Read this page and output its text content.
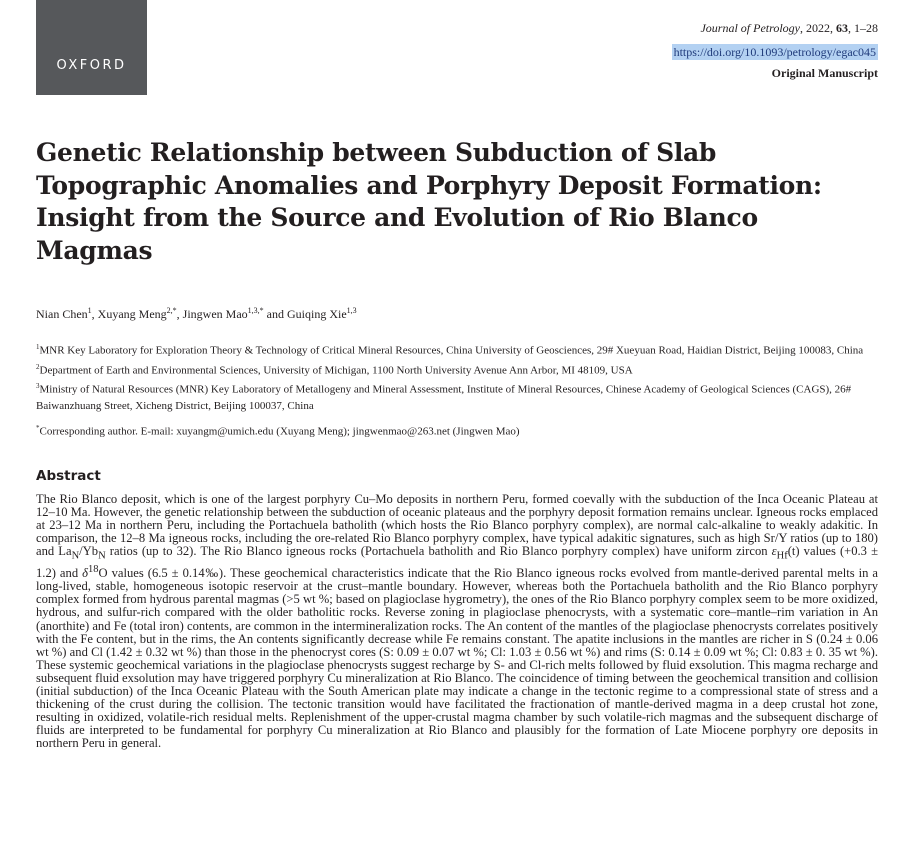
OXFORD
Journal of Petrology, 2022, 63, 1–28
https://doi.org/10.1093/petrology/egac045
Original Manuscript
Genetic Relationship between Subduction of Slab Topographic Anomalies and Porphyry Deposit Formation: Insight from the Source and Evolution of Rio Blanco Magmas
Nian Chen$^1$, Xuyang Meng$^{2,*}$, Jingwen Mao$^{1,3,*}$ and Guiqing Xie$^{1,3}$

$^1$MNR Key Laboratory for Exploration Theory & Technology of Critical Mineral Resources, China University of Geosciences, 29# Xueyuan Road, Haidian District, Beijing 100083, China

$^2$Department of Earth and Environmental Sciences, University of Michigan, 1100 North University Avenue Ann Arbor, MI 48109, USA

$^3$Ministry of Natural Resources (MNR) Key Laboratory of Metallogeny and Mineral Assessment, Institute of Mineral Resources, Chinese Academy of Geological Sciences (CAGS), 26# Baiwanzhuang Street, Xicheng District, Beijing 100037, China

*Corresponding author. E-mail: xuyangm@umich.edu (Xuyang Meng); jingwenmao@263.net (Jingwen Mao)
Abstract

The Rio Blanco deposit, which is one of the largest porphyry Cu–Mo deposits in northern Peru, formed coevally with the subduction of the Inca Oceanic Plateau at 12–10 Ma. However, the genetic relationship between the subduction of oceanic plateaus and the porphyry deposit formation remains unclear. Igneous rocks emplaced at 23–12 Ma in northern Peru, including the Portachuela batholith (which hosts the Rio Blanco porphyry complex), are normal calc-alkaline to weakly adakitic. In comparison, the 12–8 Ma igneous rocks, including the ore-related Rio Blanco porphyry complex, have typical adakitic signatures, such as high Sr/Y ratios (up to 180) and $La_N/Yb_N$ ratios (up to 32). The Rio Blanco igneous rocks (Portachuela batholith and Rio Blanco porphyry complex) have uniform zircon $\varepsilon_{Hf}(t)$ values (+0.3 ± 1.2) and $\delta^{18}O$ values (6.5 ± 0.14‰). These geochemical characteristics indicate that the Rio Blanco igneous rocks evolved from mantle-derived parental melts in a long-lived, stable, homogeneous isotopic reservoir at the crust–mantle boundary. However, whereas both the Portachuela batholith and the Rio Blanco porphyry complex formed from hydrous parental magmas (>5 wt %; based on plagioclase hygrometry), the ones of the Rio Blanco porphyry complex seem to be more oxidized, hydrous, and sulfur-rich compared with the older batholitic rocks. Reverse zoning in plagioclase phenocrysts, with a systematic core–mantle–rim variation in An (anorthite) and Fe (total iron) contents, are common in the intermineralization rocks. The An content of the mantles of the plagioclase phenocrysts correlates positively with the Fe content, but in the rims, the An contents significantly decrease while Fe remains constant. The apatite inclusions in the mantles are richer in S (0.24 ± 0.06 wt %) and Cl (1.42 ± 0.32 wt %) than those in the phenocryst cores (S: 0.09 ± 0.07 wt %; Cl: 1.03 ± 0.56 wt %) and rims (S: 0.14 ± 0.09 wt %; Cl: 0.83 ± 0. 35 wt %). These systemic geochemical variations in the plagioclase phenocrysts suggest recharge by S- and Cl-rich melts followed by fluid exsolution. This magma recharge and subsequent fluid exsolution may have triggered porphyry Cu mineralization at Rio Blanco. The coincidence of timing between the geochemical transition and collision (initial subduction) of the Inca Oceanic Plateau with the South American plate may indicate a change in the tectonic regime to a compressional state of stress and a thickening of the crust during the collision. The tectonic transition would have facilitated the fractionation of mantle-derived magma in a deep crustal hot zone, resulting in oxidized, volatile-rich residual melts. Replenishment of the upper-crustal magma chamber by such volatile-rich magmas and the subsequent discharge of fluids are interpreted to be fundamental for porphyry Cu mineralization at Rio Blanco and plausibly for the formation of Late Miocene porphyry ore deposits in northern Peru in general.
